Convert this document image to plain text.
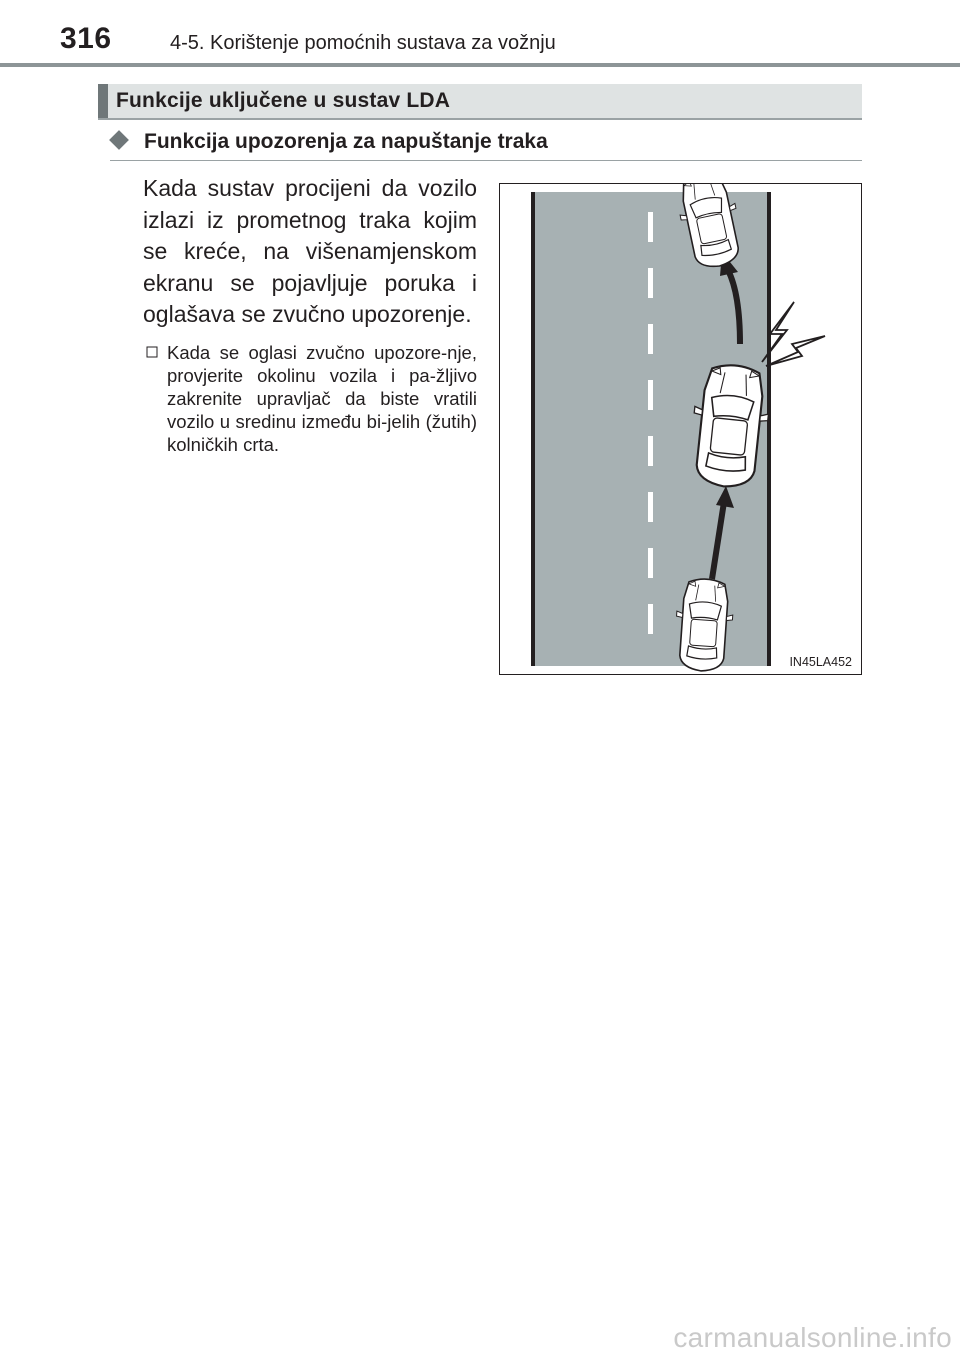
316	4-5. Korištenje pomoćnih sustava za vožnju
Funkcije uključene u sustav LDA
Funkcija upozorenja za napuštanje traka
Kada sustav procijeni da vozilo izlazi iz prometnog traka kojim se kreće, na višenamjenskom ekranu se pojavljuje poruka i oglašava se zvučno upozorenje.
Kada se oglasi zvučno upozore-nje, provjerite okolinu vozila i pa-žljivo zakrenite upravljač da biste vratili vozilo u sredinu između bi-jelih (žutih) kolničkih crta.
IN45LA452
carmanualsonline.info
